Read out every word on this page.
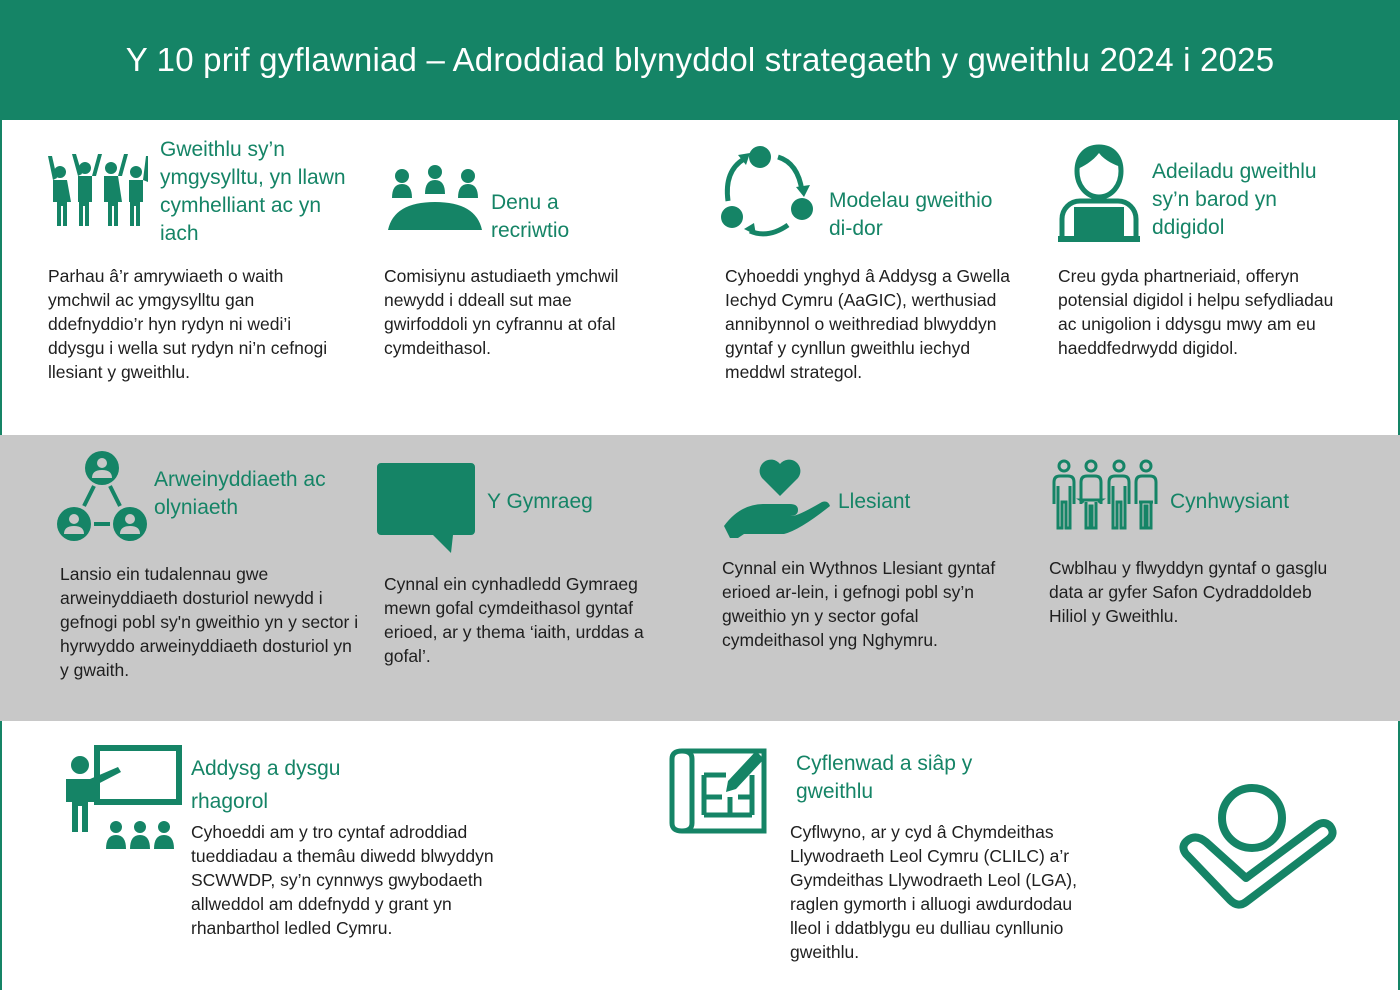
Y 10 prif gyflawniad – Adroddiad blynyddol strategaeth y gweithlu 2024 i 2025
Gweithlu sy’n ymgysylltu, yn llawn cymhelliant ac yn iach
Parhau â’r amrywiaeth o waith ymchwil ac ymgysylltu gan ddefnyddio’r hyn rydyn ni wedi’i ddysgu i wella sut rydyn ni’n cefnogi llesiant y gweithlu.
Denu a recriwtio
Comisiynu astudiaeth ymchwil newydd i ddeall sut mae gwirfoddoli yn cyfrannu at ofal cymdeithasol.
Modelau gweithio di-dor
Cyhoeddi ynghyd â Addysg a Gwella Iechyd Cymru (AaGIC), werthusiad annibynnol o weithrediad blwyddyn gyntaf y cynllun gweithlu iechyd meddwl strategol.
Adeiladu gweithlu sy’n barod yn ddigidol
Creu gyda phartneriaid, offeryn potensial digidol i helpu sefydliadau ac unigolion i ddysgu mwy am eu haeddfedrwydd digidol.
Arweinyddiaeth ac olyniaeth
Lansio ein tudalennau gwe arweinyddiaeth dosturiol newydd i gefnogi pobl sy'n gweithio yn y sector i hyrwyddo arweinyddiaeth dosturiol yn y gwaith.
Y Gymraeg
Cynnal ein cynhadledd Gymraeg mewn gofal cymdeithasol gyntaf erioed, ar y thema ‘iaith, urddas a gofal’.
Llesiant
Cynnal ein Wythnos Llesiant gyntaf erioed ar-lein, i gefnogi pobl sy’n gweithio yn y sector gofal cymdeithasol yng Nghymru.
Cynhwysiant
Cwblhau y flwyddyn gyntaf o gasglu data ar gyfer Safon Cydraddoldeb Hiliol y Gweithlu.
Addysg a dysgu rhagorol
Cyhoeddi am y tro cyntaf adroddiad tueddiadau a themâu diwedd blwyddyn SCWWDP, sy’n cynnwys gwybodaeth allweddol am ddefnydd y grant yn rhanbarthol ledled Cymru.
Cyflenwad a siâp y gweithlu
Cyflwyno, ar y cyd â Chymdeithas Llywodraeth Leol Cymru (CLILC) a’r Gymdeithas Llywodraeth Leol (LGA), raglen gymorth i alluogi awdurdodau lleol i ddatblygu eu dulliau cynllunio gweithlu.
